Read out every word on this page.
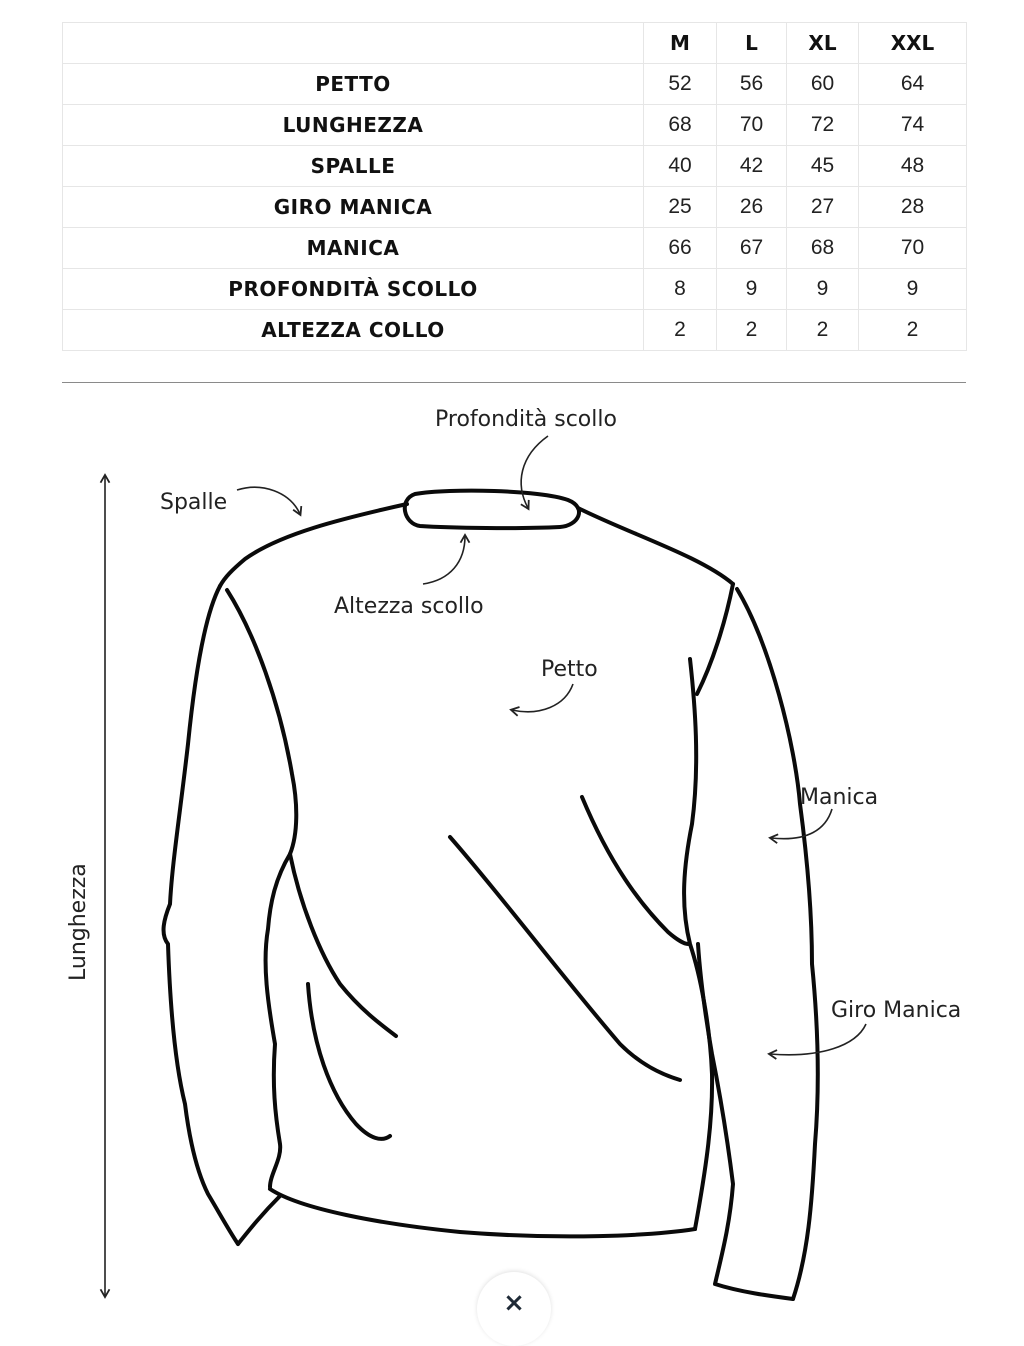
	M	L	XL	XXL
PETTO	52	56	60	64
LUNGHEZZA	68	70	72	74
SPALLE	40	42	45	48
GIRO MANICA	25	26	27	28
MANICA	66	67	68	70
PROFONDITÀ SCOLLO	8	9	9	9
ALTEZZA COLLO	2	2	2	2
Profondità scollo
Spalle
Altezza scollo
Petto
Manica
Giro Manica
Lunghezza
×
